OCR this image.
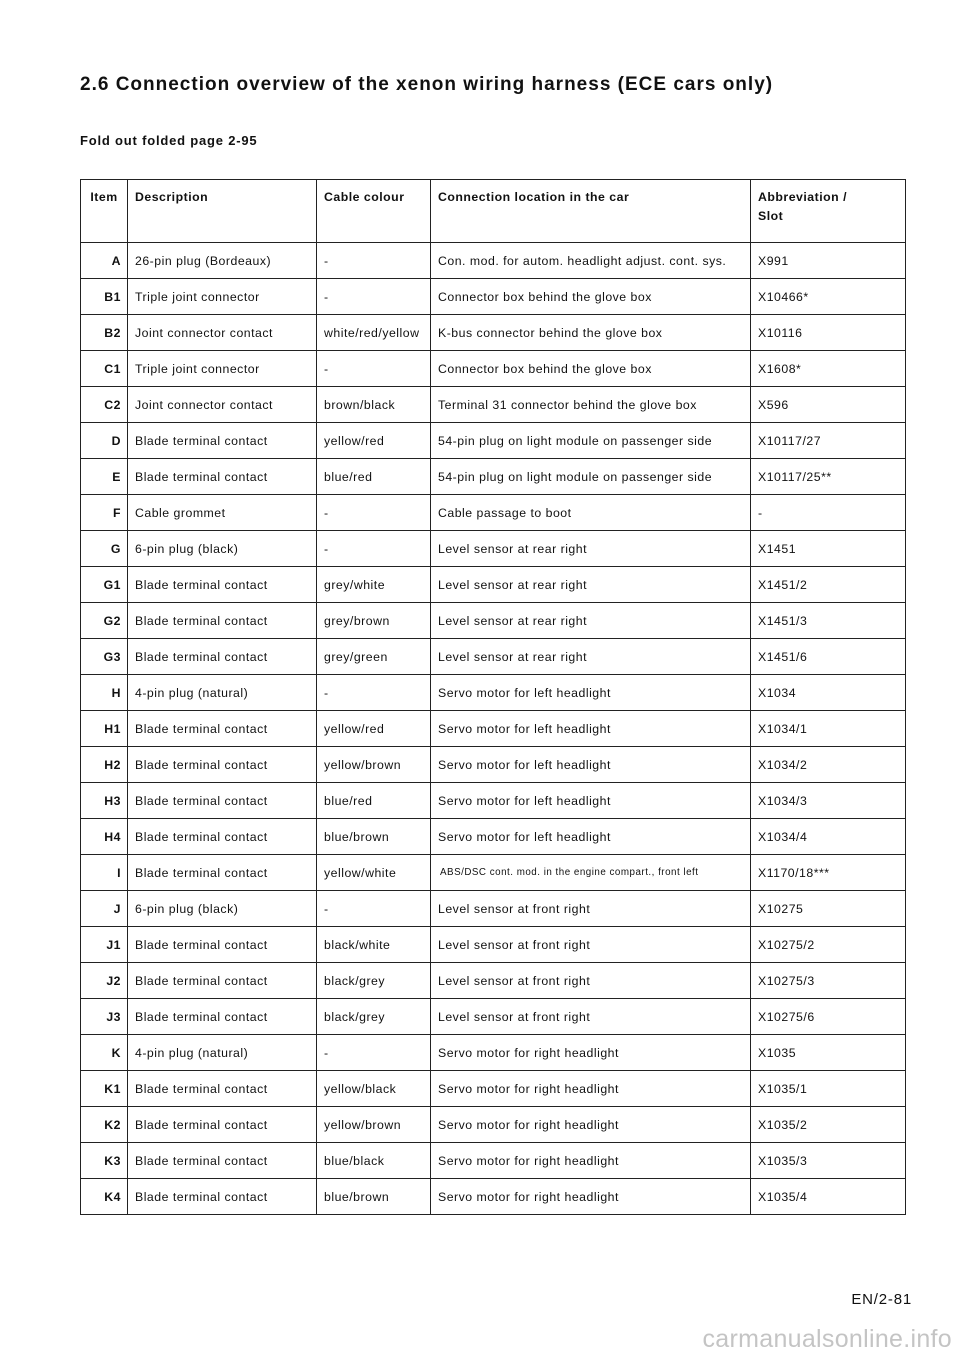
2.6 Connection overview of the xenon wiring harness (ECE cars only)
Fold out folded page 2-95
Item	Description	Cable colour	Connection location in the car	Abbreviation /
Slot
A	26-pin plug (Bordeaux)	-	Con. mod. for autom. headlight adjust. cont. sys.	X991
B1	Triple joint connector	-	Connector box behind the glove box	X10466*
B2	Joint connector contact	white/red/yellow	K-bus connector behind the glove box	X10116
C1	Triple joint connector	-	Connector box behind the glove box	X1608*
C2	Joint connector contact	brown/black	Terminal 31 connector behind the glove box	X596
D	Blade terminal contact	yellow/red	54-pin plug on light module on passenger side	X10117/27
E	Blade terminal contact	blue/red	54-pin plug on light module on passenger side	X10117/25**
F	Cable grommet	-	Cable passage to boot	-
G	6-pin plug (black)	-	Level sensor at rear right	X1451
G1	Blade terminal contact	grey/white	Level sensor at rear right	X1451/2
G2	Blade terminal contact	grey/brown	Level sensor at rear right	X1451/3
G3	Blade terminal contact	grey/green	Level sensor at rear right	X1451/6
H	4-pin plug (natural)	-	Servo motor for left headlight	X1034
H1	Blade terminal contact	yellow/red	Servo motor for left headlight	X1034/1
H2	Blade terminal contact	yellow/brown	Servo motor for left headlight	X1034/2
H3	Blade terminal contact	blue/red	Servo motor for left headlight	X1034/3
H4	Blade terminal contact	blue/brown	Servo motor for left headlight	X1034/4
I	Blade terminal contact	yellow/white	ABS/DSC cont. mod. in the engine compart., front left	X1170/18***
J	6-pin plug (black)	-	Level sensor at front right	X10275
J1	Blade terminal contact	black/white	Level sensor at front right	X10275/2
J2	Blade terminal contact	black/grey	Level sensor at front right	X10275/3
J3	Blade terminal contact	black/grey	Level sensor at front right	X10275/6
K	4-pin plug (natural)	-	Servo motor for right headlight	X1035
K1	Blade terminal contact	yellow/black	Servo motor for right headlight	X1035/1
K2	Blade terminal contact	yellow/brown	Servo motor for right headlight	X1035/2
K3	Blade terminal contact	blue/black	Servo motor for right headlight	X1035/3
K4	Blade terminal contact	blue/brown	Servo motor for right headlight	X1035/4
EN/2-81
carmanualsonline.info
